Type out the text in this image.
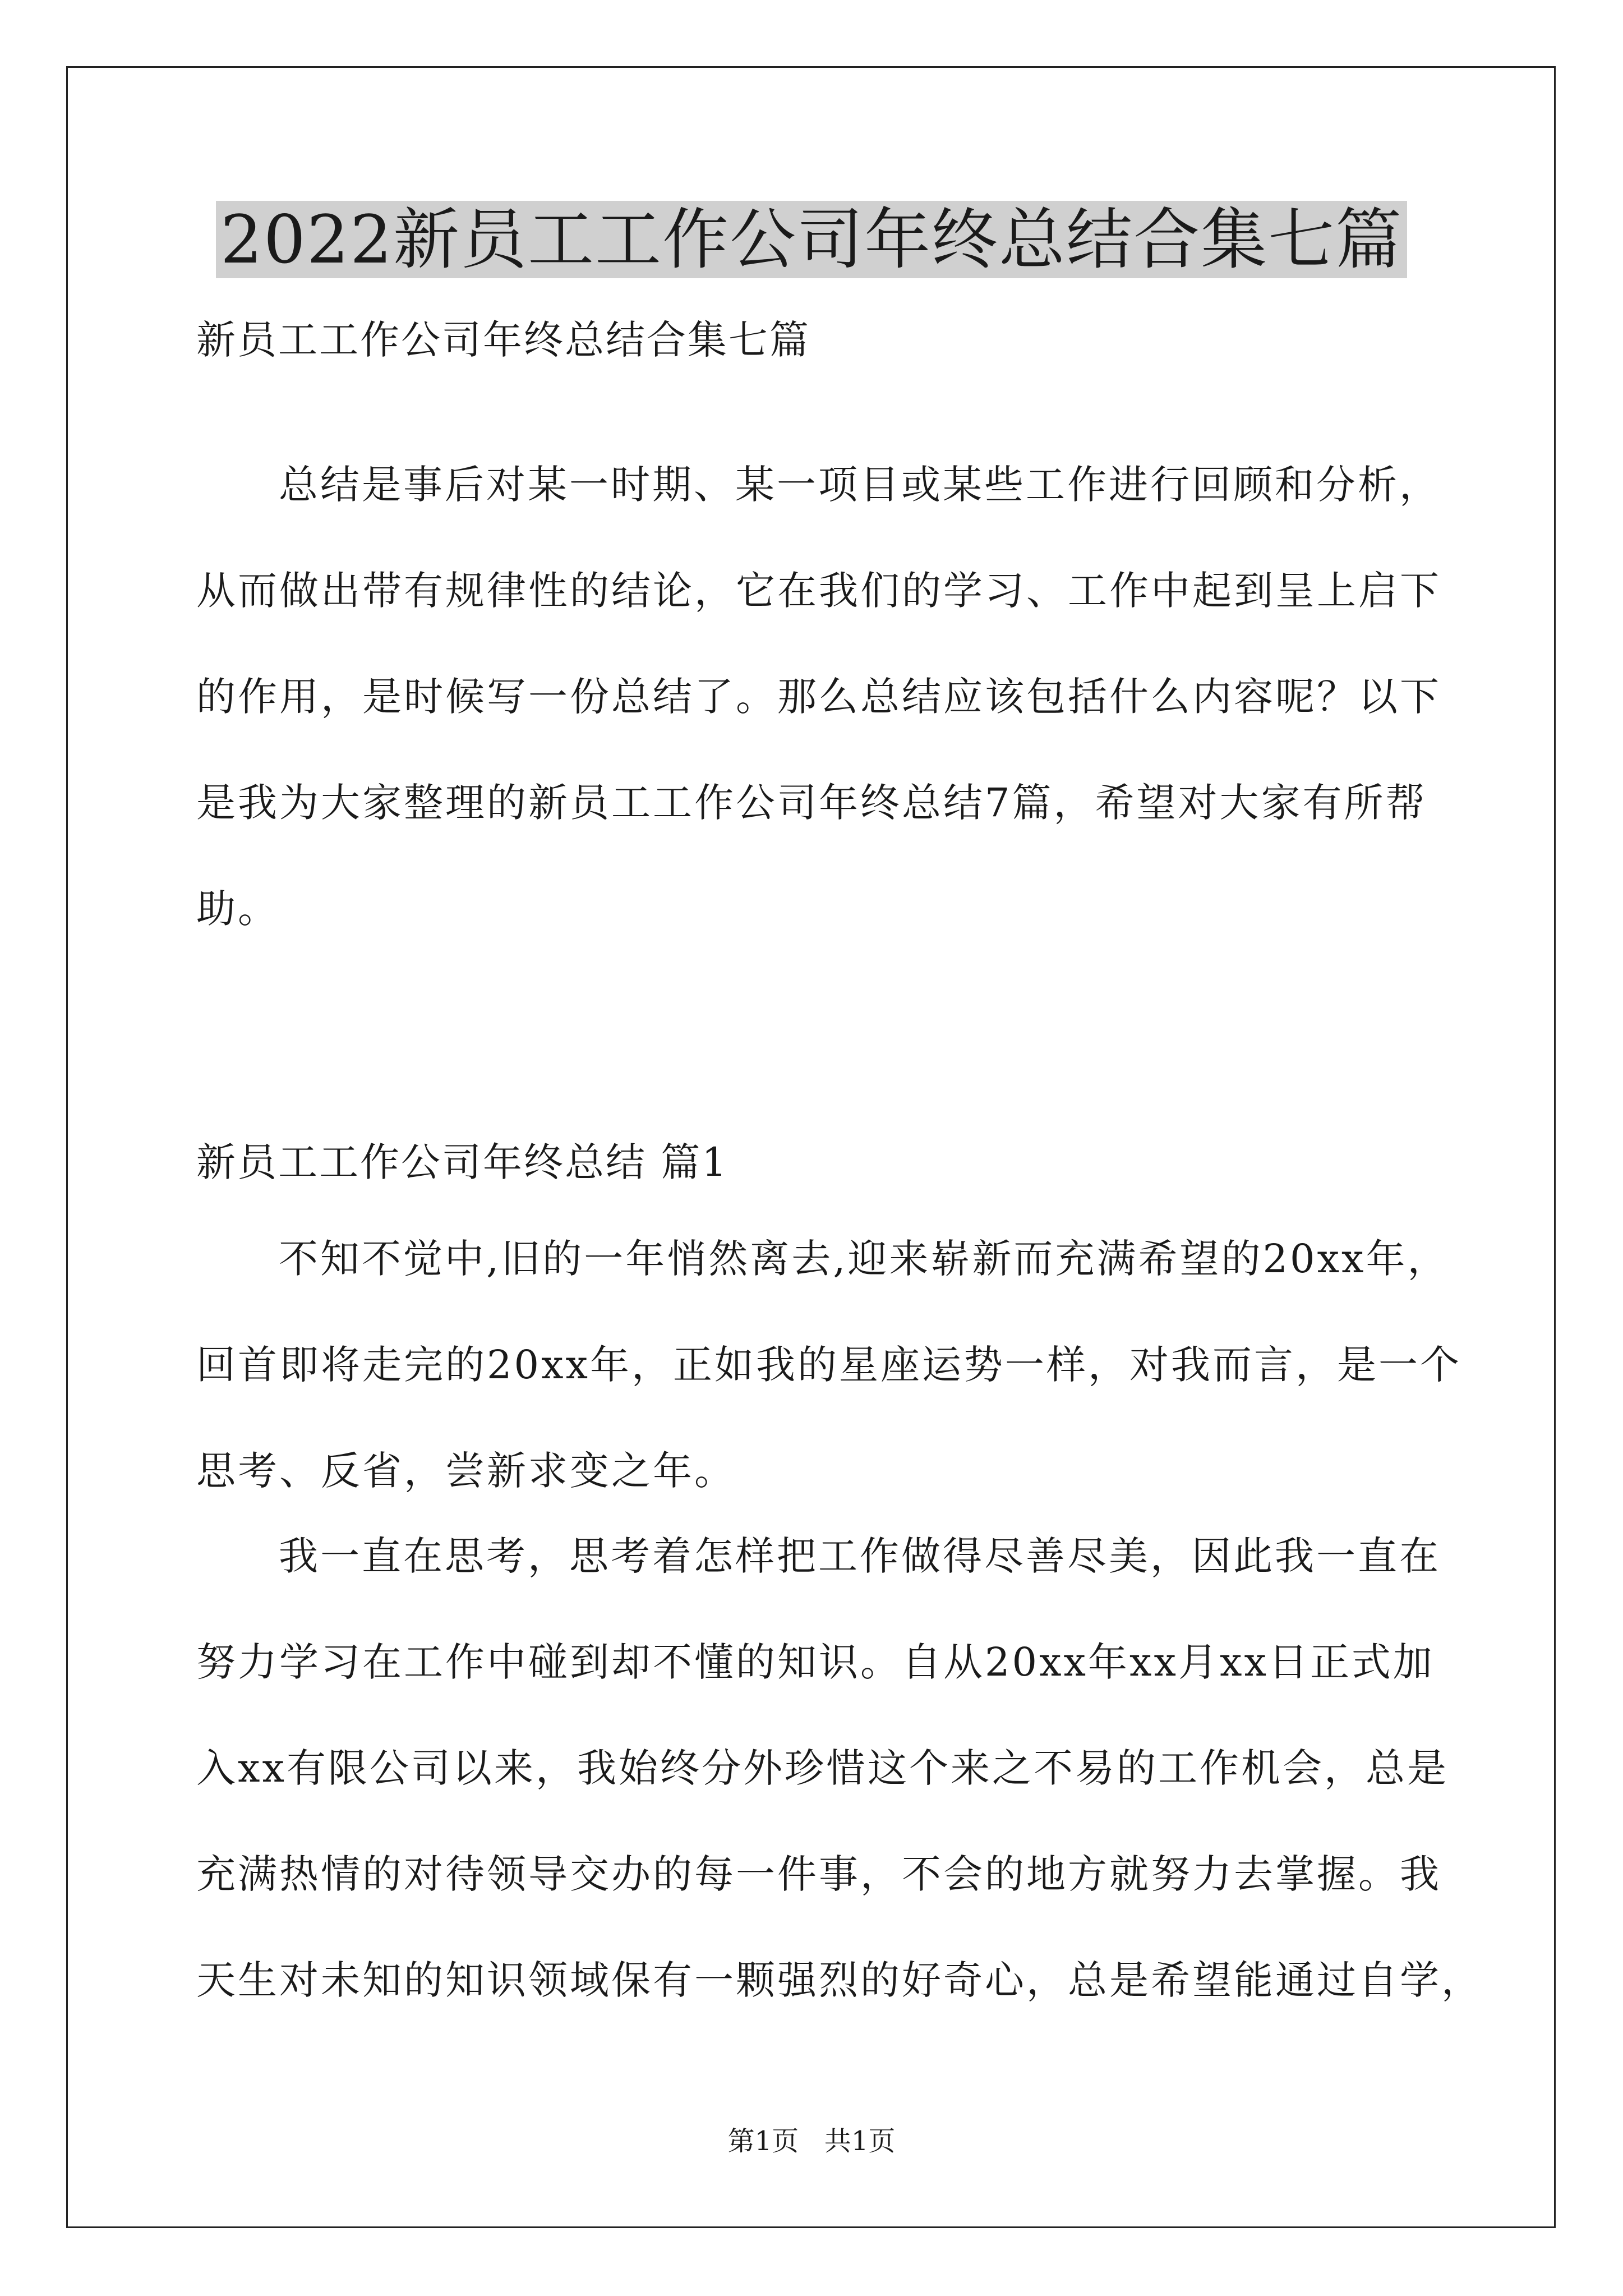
2022新员工工作公司年终总结合集七篇
新员工工作公司年终总结合集七篇

总结是事后对某一时期、某一项目或某些工作进行回顾和分析，
从而做出带有规律性的结论，它在我们的学习、工作中起到呈上启下
的作用，是时候写一份总结了。那么总结应该包括什么内容呢？以下
是我为大家整理的新员工工作公司年终总结7篇，希望对大家有所帮
助。

新员工工作公司年终总结 篇1

不知不觉中,旧的一年悄然离去,迎来崭新而充满希望的20xx年，
回首即将走完的20xx年，正如我的星座运势一样，对我而言，是一个
思考、反省，尝新求变之年。

我一直在思考，思考着怎样把工作做得尽善尽美，因此我一直在
努力学习在工作中碰到却不懂的知识。自从20xx年xx月xx日正式加
入xx有限公司以来，我始终分外珍惜这个来之不易的工作机会，总是
充满热情的对待领导交办的每一件事，不会的地方就努力去掌握。我
天生对未知的知识领域保有一颗强烈的好奇心，总是希望能通过自学，

第1页   共1页
